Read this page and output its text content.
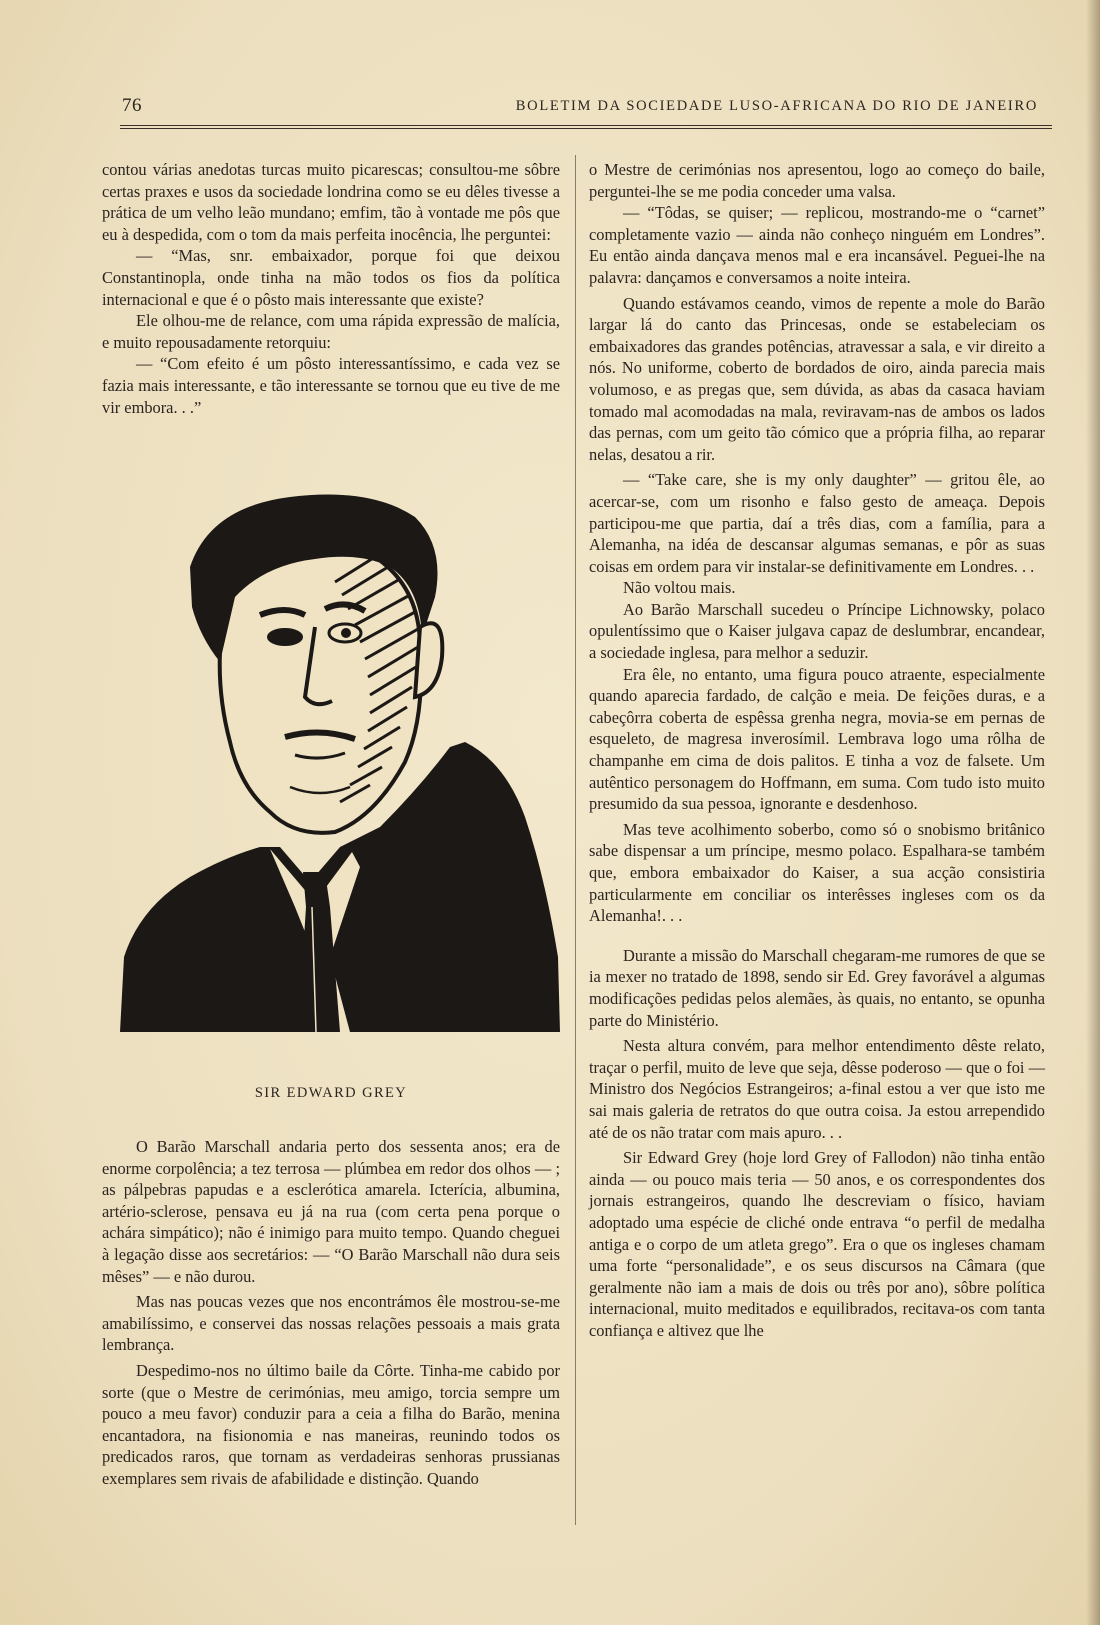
76	BOLETIM DA SOCIEDADE LUSO-AFRICANA DO RIO DE JANEIRO

contou várias anedotas turcas muito picarescas; consultou-me sôbre certas praxes e usos da sociedade londrina como se eu dêles tivesse a prática de um velho leão mundano; emfim, tão à vontade me pôs que eu à despedida, com o tom da mais perfeita inocência, lhe perguntei:

— “Mas, snr. embaixador, porque foi que deixou Constantinopla, onde tinha na mão todos os fios da política internacional e que é o pôsto mais interessante que existe?

Ele olhou-me de relance, com uma rápida expressão de malícia, e muito repousadamente retorquiu:

— “Com efeito é um pôsto interessantíssimo, e cada vez se fazia mais interessante, e tão interessante se tornou que eu tive de me vir embora. . .”

SIR EDWARD GREY

O Barão Marschall andaria perto dos sessenta anos; era de enorme corpolência; a tez terrosa — plúmbea em redor dos olhos — ; as pálpebras papudas e a esclerótica amarela. Icterícia, albumina, artério-sclerose, pensava eu já na rua (com certa pena porque o achára simpático); não é inimigo para muito tempo. Quando cheguei à legação disse aos secretários: — “O Barão Marschall não dura seis mêses” — e não durou.

Mas nas poucas vezes que nos encontrámos êle mostrou-se-me amabilíssimo, e conservei das nossas relações pessoais a mais grata lembrança.

Despedimo-nos no último baile da Côrte. Tinha-me cabido por sorte (que o Mestre de cerimónias, meu amigo, torcia sempre um pouco a meu favor) conduzir para a ceia a filha do Barão, menina encantadora, na fisionomia e nas maneiras, reunindo todos os predicados raros, que tornam as verdadeiras senhoras prussianas exemplares sem rivais de afabilidade e distinção. Quando

o Mestre de cerimónias nos apresentou, logo ao começo do baile, perguntei-lhe se me podia conceder uma valsa.

— “Tôdas, se quiser; — replicou, mostrando-me o “carnet” completamente vazio — ainda não conheço ninguém em Londres”. Eu então ainda dançava menos mal e era incansável. Peguei-lhe na palavra: dançamos e conversamos a noite inteira.

Quando estávamos ceando, vimos de repente a mole do Barão largar lá do canto das Princesas, onde se estabeleciam os embaixadores das grandes potências, atravessar a sala, e vir direito a nós. No uniforme, coberto de bordados de oiro, ainda parecia mais volumoso, e as pregas que, sem dúvida, as abas da casaca haviam tomado mal acomodadas na mala, reviravam-nas de ambos os lados das pernas, com um geito tão cómico que a própria filha, ao reparar nelas, desatou a rir.

— “Take care, she is my only daughter” — gritou êle, ao acercar-se, com um risonho e falso gesto de ameaça. Depois participou-me que partia, daí a três dias, com a família, para a Alemanha, na idéa de descansar algumas semanas, e pôr as suas coisas em ordem para vir instalar-se definitivamente em Londres. . .

Não voltou mais.

Ao Barão Marschall sucedeu o Príncipe Lichnowsky, polaco opulentíssimo que o Kaiser julgava capaz de deslumbrar, encandear, a sociedade inglesa, para melhor a seduzir.

Era êle, no entanto, uma figura pouco atraente, especialmente quando aparecia fardado, de calção e meia. De feições duras, e a cabeçôrra coberta de espêssa grenha negra, movia-se em pernas de esqueleto, de magresa inverosímil. Lembrava logo uma rôlha de champanhe em cima de dois palitos. E tinha a voz de falsete. Um autêntico personagem do Hoffmann, em suma. Com tudo isto muito presumido da sua pessoa, ignorante e desdenhoso.

Mas teve acolhimento soberbo, como só o snobismo britânico sabe dispensar a um príncipe, mesmo polaco. Espalhara-se também que, embora embaixador do Kaiser, a sua acção consistiria particularmente em conciliar os interêsses ingleses com os da Alemanha!. . .

Durante a missão do Marschall chegaram-me rumores de que se ia mexer no tratado de 1898, sendo sir Ed. Grey favorável a algumas modificações pedidas pelos alemães, às quais, no entanto, se opunha parte do Ministério.

Nesta altura convém, para melhor entendimento dêste relato, traçar o perfil, muito de leve que seja, dêsse poderoso — que o foi — Ministro dos Negócios Estrangeiros; a-final estou a ver que isto me sai mais galeria de retratos do que outra coisa. Ja estou arrependido até de os não tratar com mais apuro. . .

Sir Edward Grey (hoje lord Grey of Fallodon) não tinha então ainda — ou pouco mais teria — 50 anos, e os correspondentes dos jornais estrangeiros, quando lhe descreviam o físico, haviam adoptado uma espécie de cliché onde entrava “o perfil de medalha antiga e o corpo de um atleta grego”. Era o que os ingleses chamam uma forte “personalidade”, e os seus discursos na Câmara (que geralmente não iam a mais de dois ou três por ano), sôbre política internacional, muito meditados e equilibrados, recitava-os com tanta confiança e altivez que lhe
